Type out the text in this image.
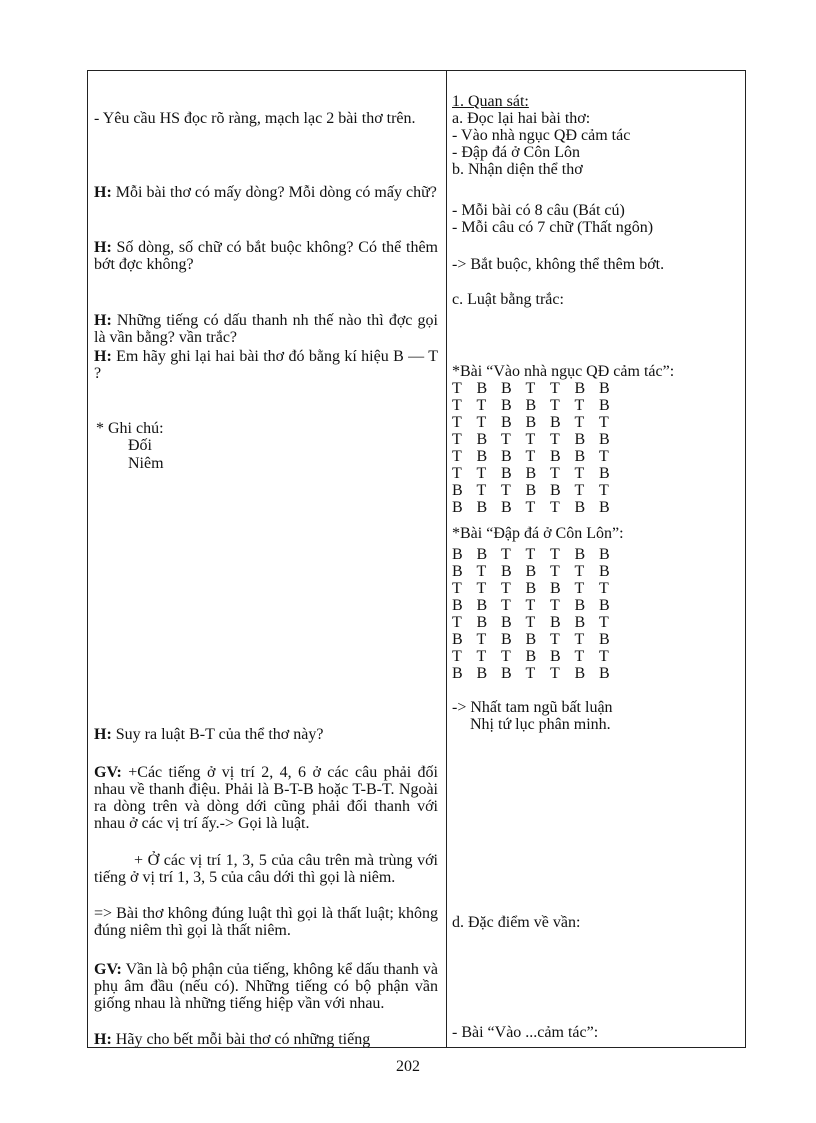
- Yêu cầu HS đọc rõ ràng, mạch lạc 2 bài thơ trên.

H: Mỗi bài thơ có mấy dòng? Mỗi dòng có mấy chữ?

H: Số dòng, số chữ có bắt buộc không? Có thể thêm bớt đợc không?

H: Những tiếng có dấu thanh nh thế nào thì đợc gọi là vần bằng? vần trắc?

H: Em hãy ghi lại hai bài thơ đó bằng kí hiệu B — T ?

* Ghi chú:

Đối

Niêm

H: Suy ra luật B-T của thể thơ này?

GV: +Các tiếng ở vị trí 2, 4, 6 ở các câu phải đối nhau về thanh điệu. Phải là B-T-B hoặc T-B-T. Ngoài ra dòng trên và dòng dới cũng phải đối thanh với nhau ở các vị trí ấy.-> Gọi là luật.

+ Ở các vị trí 1, 3, 5 của câu trên mà trùng với tiếng ở vị trí 1, 3, 5 của câu dới thì gọi là niêm.

=> Bài thơ không đúng luật thì gọi là thất luật; không đúng niêm thì gọi là thất niêm.

GV: Vần là bộ phận của tiếng, không kể dấu thanh và phụ âm đầu (nếu có). Những tiếng có bộ phận vần giống nhau là những tiếng hiệp vần với nhau.

H: Hãy cho bết mỗi bài thơ có những tiếng

1. Quan sát:

a. Đọc lại hai bài thơ:

- Vào nhà ngục QĐ cảm tác

- Đập đá ở Côn Lôn

b. Nhận diện thể thơ

- Mỗi bài có 8 câu (Bát cú)

- Mỗi câu có 7 chữ (Thất ngôn)

-> Bắt buộc, không thể thêm bớt.

c. Luật bằng trắc:

*Bài “Vào nhà ngục QĐ cảm tác”:

T B B T T B B
T T B B T T B
T T B B B T T
T B T T T B B
T B B T B B T
T T B B T T B
B T T B B T T
B B B T T B B

*Bài “Đập đá ở Côn Lôn”:

B B T T T B B
B T B B T T B
T T T B B T T
B B T T T B B
T B B T B B T
B T B B T T B
T T T B B T T
B B B T T B B

-> Nhất tam ngũ bất luận

Nhị tứ lục phân minh.

d. Đặc điểm về vần:

- Bài “Vào ...cảm tác”:

202
